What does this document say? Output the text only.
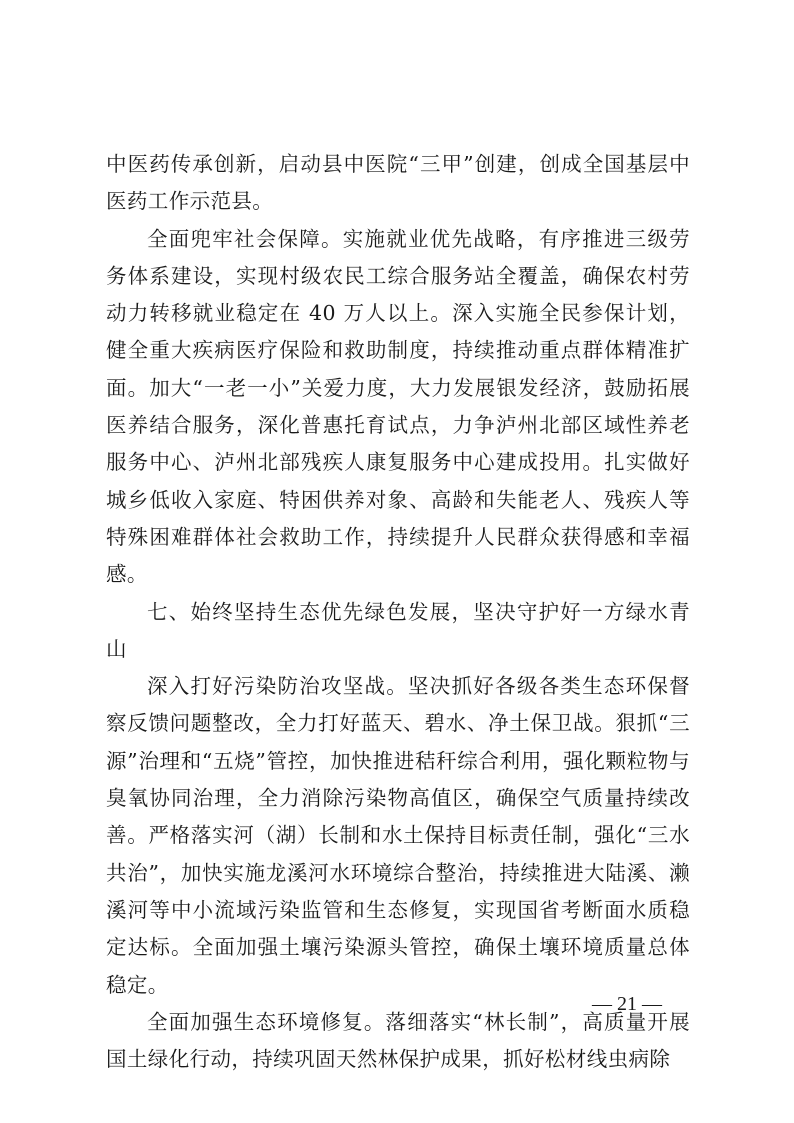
中医药传承创新，启动县中医院“三甲”创建，创成全国基层中医药工作示范县。

全面兜牢社会保障。实施就业优先战略，有序推进三级劳务体系建设，实现村级农民工综合服务站全覆盖，确保农村劳动力转移就业稳定在 40 万人以上。深入实施全民参保计划，健全重大疾病医疗保险和救助制度，持续推动重点群体精准扩面。加大“一老一小”关爱力度，大力发展银发经济，鼓励拓展医养结合服务，深化普惠托育试点，力争泸州北部区域性养老服务中心、泸州北部残疾人康复服务中心建成投用。扎实做好城乡低收入家庭、特困供养对象、高龄和失能老人、残疾人等特殊困难群体社会救助工作，持续提升人民群众获得感和幸福感。

七、始终坚持生态优先绿色发展，坚决守护好一方绿水青山

深入打好污染防治攻坚战。坚决抓好各级各类生态环保督察反馈问题整改，全力打好蓝天、碧水、净土保卫战。狠抓“三源”治理和“五烧”管控，加快推进秸秆综合利用，强化颗粒物与臭氧协同治理，全力消除污染物高值区，确保空气质量持续改善。严格落实河（湖）长制和水土保持目标责任制，强化“三水共治”，加快实施龙溪河水环境综合整治，持续推进大陆溪、濑溪河等中小流域污染监管和生态修复，实现国省考断面水质稳定达标。全面加强土壤污染源头管控，确保土壤环境质量总体稳定。

全面加强生态环境修复。落细落实“林长制”，高质量开展国土绿化行动，持续巩固天然林保护成果，抓好松材线虫病除

— 21 —
